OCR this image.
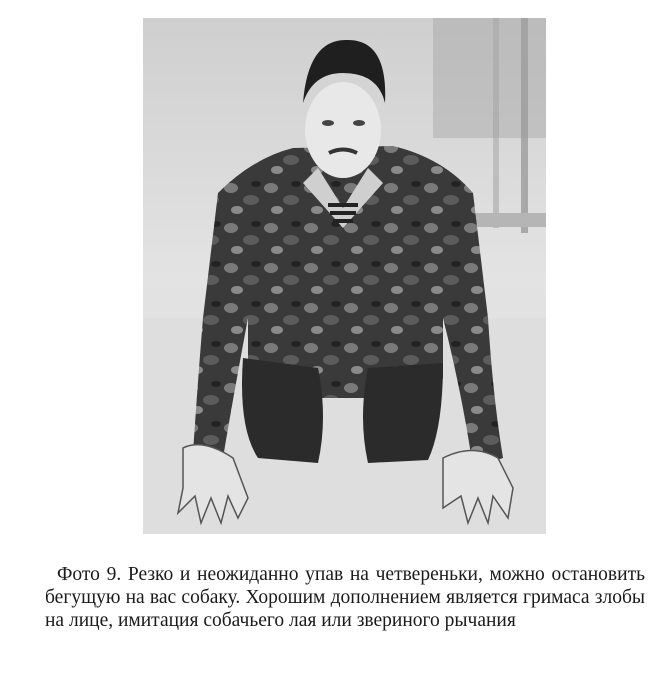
Фото 9. Резко и неожиданно упав на четвереньки, можно остановить бегущую на вас собаку. Хорошим дополнением является гримаса злобы на лице, имитация собачьего лая или звериного рычания
